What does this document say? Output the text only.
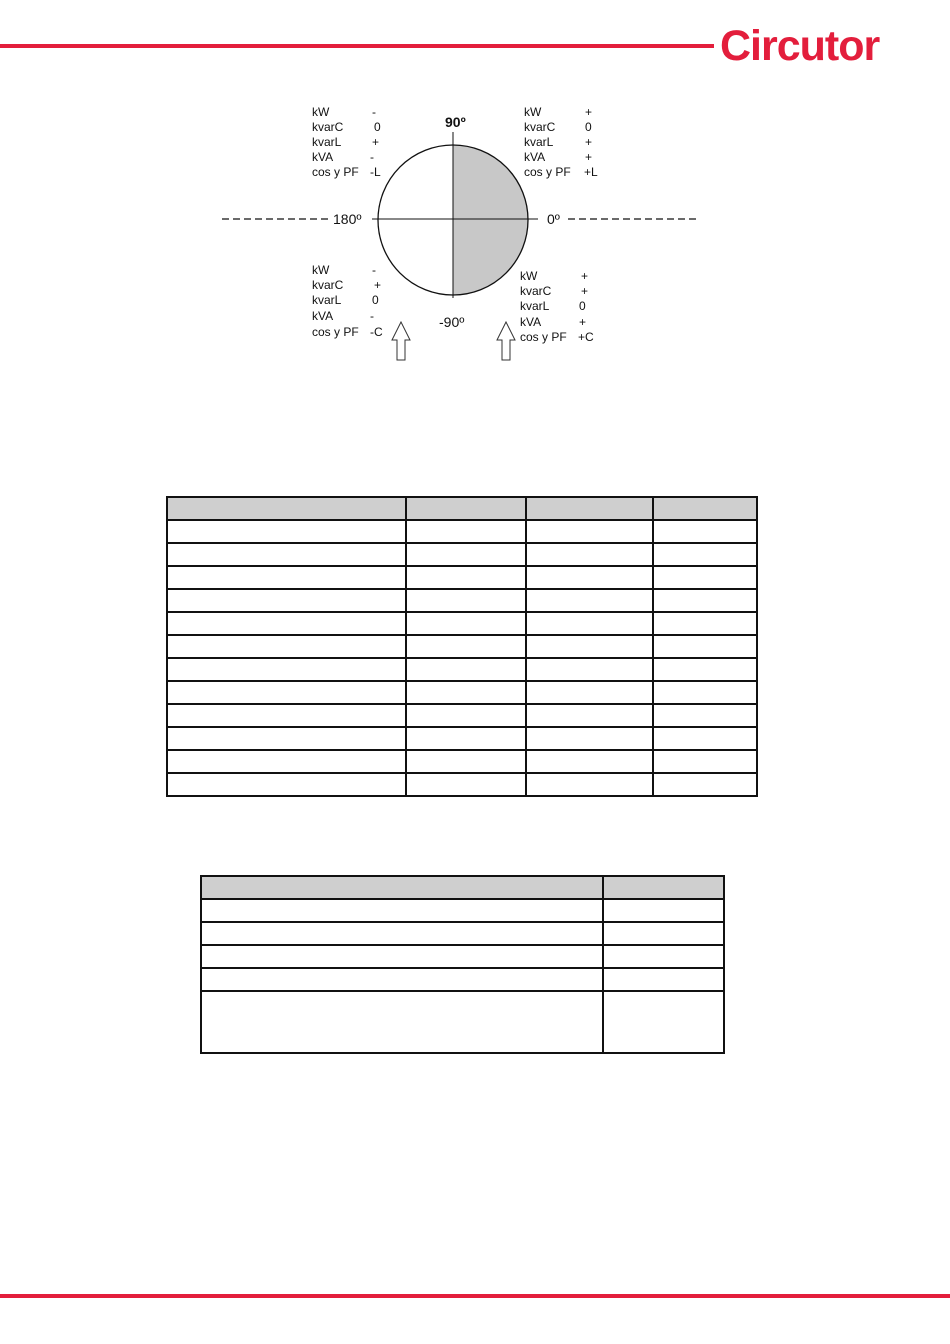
Circutor
90º
0º
180º
-90º
kW	-
kvarC	0
kvarL	+
kVA	-
cos y PF -L
kW	+
kvarC 0
kvarL	+
kVA	+
cos y PF +L
kW	-
kvarC	+
kvarL	0
kVA	-
cos y PF -C
kW	+
kvarC +
kvarL 0
kVA	+
cos y PF +C
